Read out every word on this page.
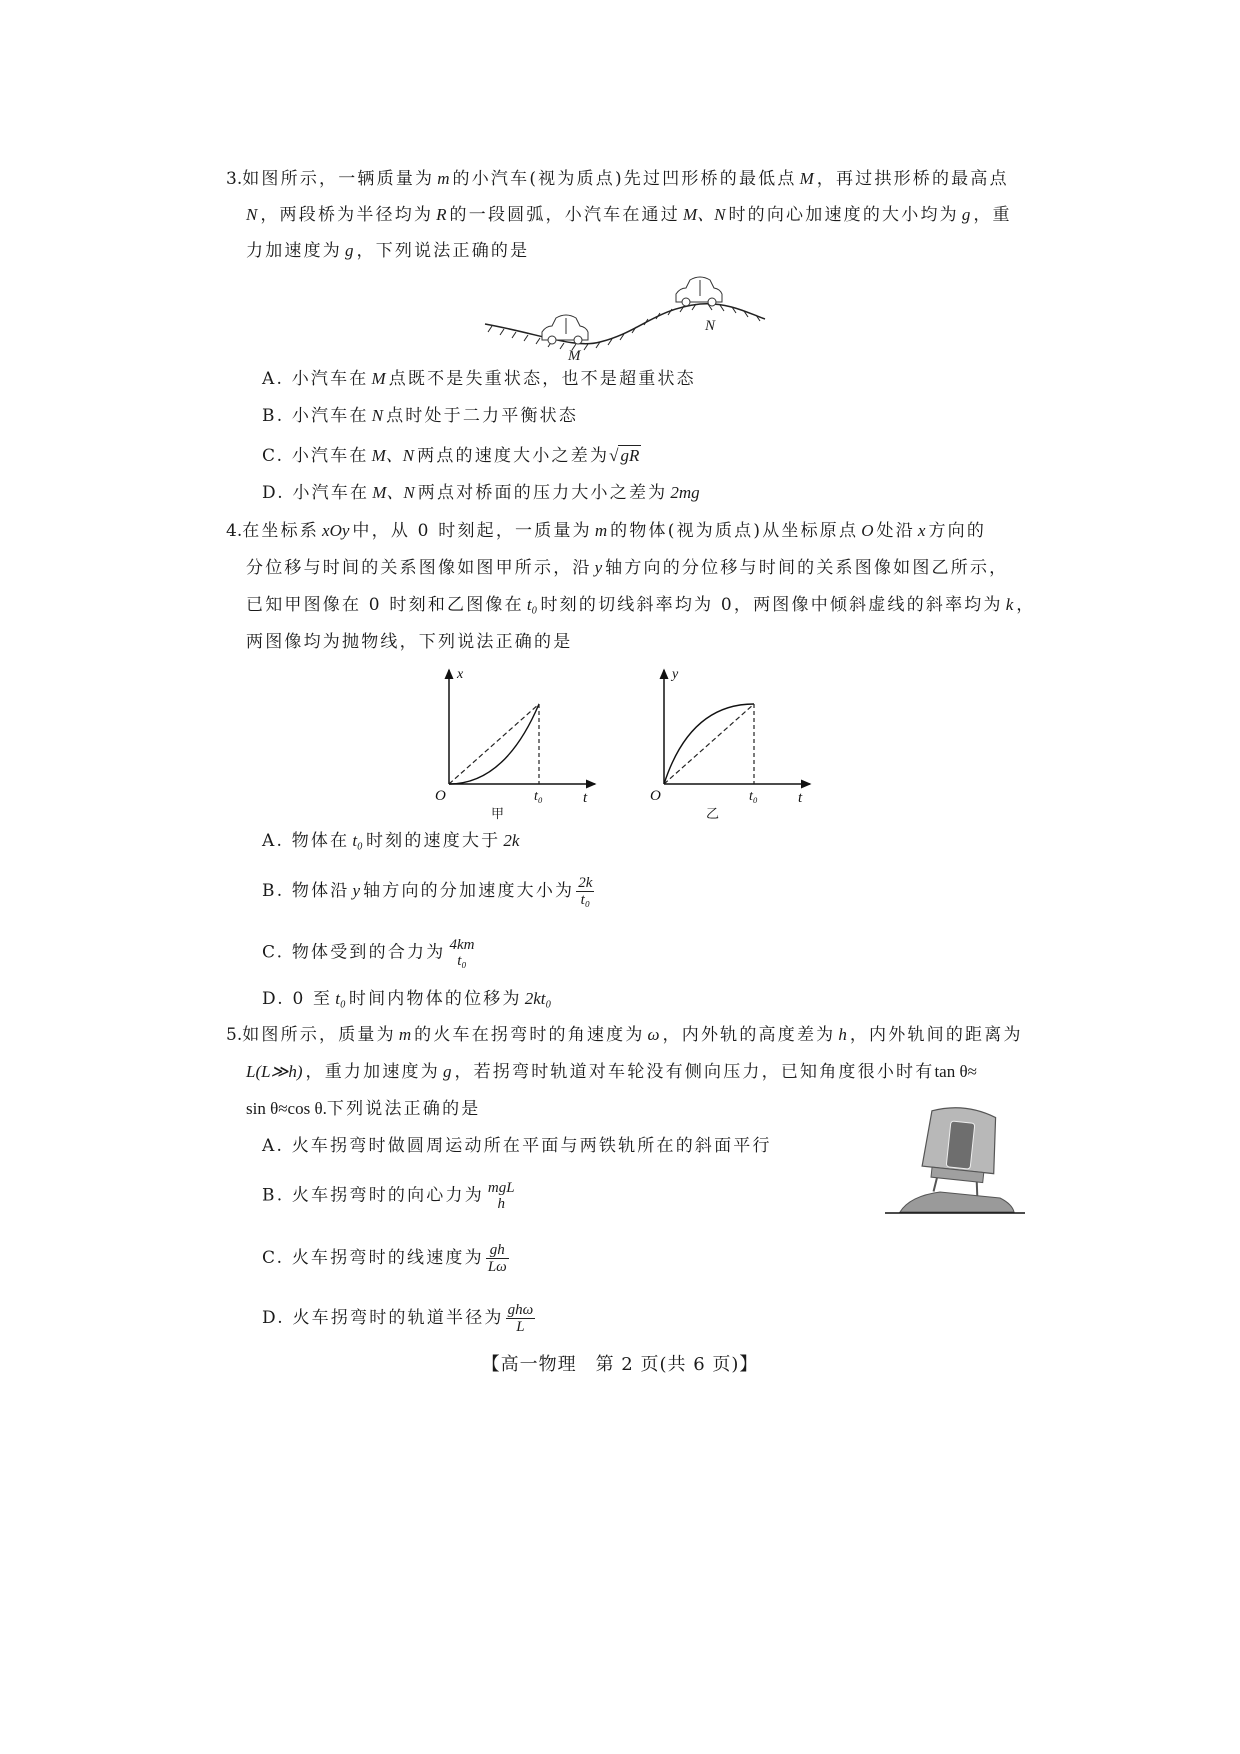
3.如图所示，一辆质量为 m 的小汽车(视为质点)先过凹形桥的最低点 M ，再过拱形桥的最高点
N ，两段桥为半径均为 R 的一段圆弧，小汽车在通过 M、N 时的向心加速度的大小均为 g ，重
力加速度为 g ，下列说法正确的是
M
N
A. 小汽车在 M 点既不是失重状态，也不是超重状态
B. 小汽车在 N 点时处于二力平衡状态
C. 小汽车在 M、N 两点的速度大小之差为√ gR
D. 小汽车在 M、N 两点对桥面的压力大小之差为 2mg
4.在坐标系 xOy 中，从 0 时刻起，一质量为 m 的物体(视为质点)从坐标原点 O 处沿 x 方向的
分位移与时间的关系图像如图甲所示，沿 y 轴方向的分位移与时间的关系图像如图乙所示，
已知甲图像在 0 时刻和乙图像在 t₀ 时刻的切线斜率均为 0，两图像中倾斜虚线的斜率均为 k ，
两图像均为抛物线，下列说法正确的是
x
O	t₀	t
甲
y
O	t₀	t
乙
A. 物体在 t₀ 时刻的速度大于 2k
B. 物体沿 y 轴方向的分加速度大小为 $\frac{2k}{\text{t₀}}$
C. 物体受到的合力为 4km
t₀
D. 0 至 t₀ 时间内物体的位移为 2kt₀
5.如图所示，质量为 m 的火车在拐弯时的角速度为 ω ，内外轨的高度差为 h ，内外轨间的距离为
L(L≫h) ，重力加速度为 g ，若拐弯时轨道对车轮没有侧向压力，已知角度很小时有tan θ≈
sin θ≈cos θ.下列说法正确的是
A. 火车拐弯时做圆周运动所在平面与两铁轨所在的斜面平行
B. 火车拐弯时的向心力为 mgL
h
C. 火车拐弯时的线速度为 $\frac{gh}{L\omega}$
D. 火车拐弯时的轨道半径为 $\frac{\text{ghω}}{L}$
【高一物理　第 2 页(共 6 页)】
